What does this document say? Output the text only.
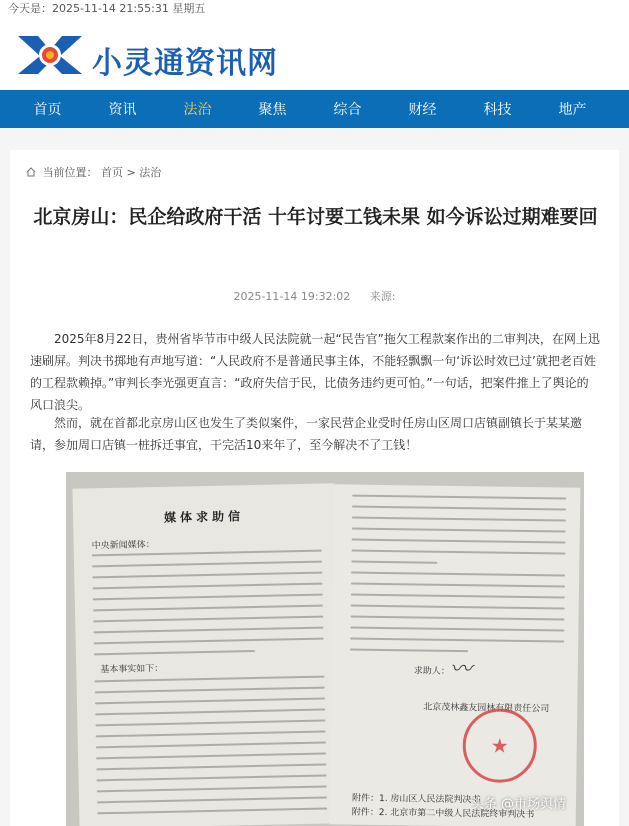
今天是：2025-11-14 21:55:31 星期五
小灵通资讯网
首页	资讯	法治	聚焦	综合	财经	科技	地产
当前位置： 首页 > 法治
北京房山：民企给政府干活 十年讨要工钱未果 如今诉讼过期难要回
2025-11-14 19:32:02 来源:

2025年8月22日，贵州省毕节市中级人民法院就一起“民告官”拖欠工程款案作出的二审判决，在网上迅速刷屏。判决书掷地有声地写道：“人民政府不是普通民事主体，不能轻飘飘一句‘诉讼时效已过’就把老百姓的工程款赖掉。”审判长李光强更直言：“政府失信于民，比债务违约更可怕。”一句话，把案件推上了舆论的风口浪尖。

然而，就在首都北京房山区也发生了类似案件，一家民营企业受时任房山区周口店镇副镇长于某某邀请，参加周口店镇一桩拆迁事宜，干完活10来年了，至今解决不了工钱！

媒体求助信
中央新闻媒体：
基本事实如下：	求助人： 〰
北京茂林鑫友园林有限责任公司
★
附件：1. 房山区人民法院判决书
附件：2. 北京市第二中级人民法院终审判决书
头条 @市场舆情
